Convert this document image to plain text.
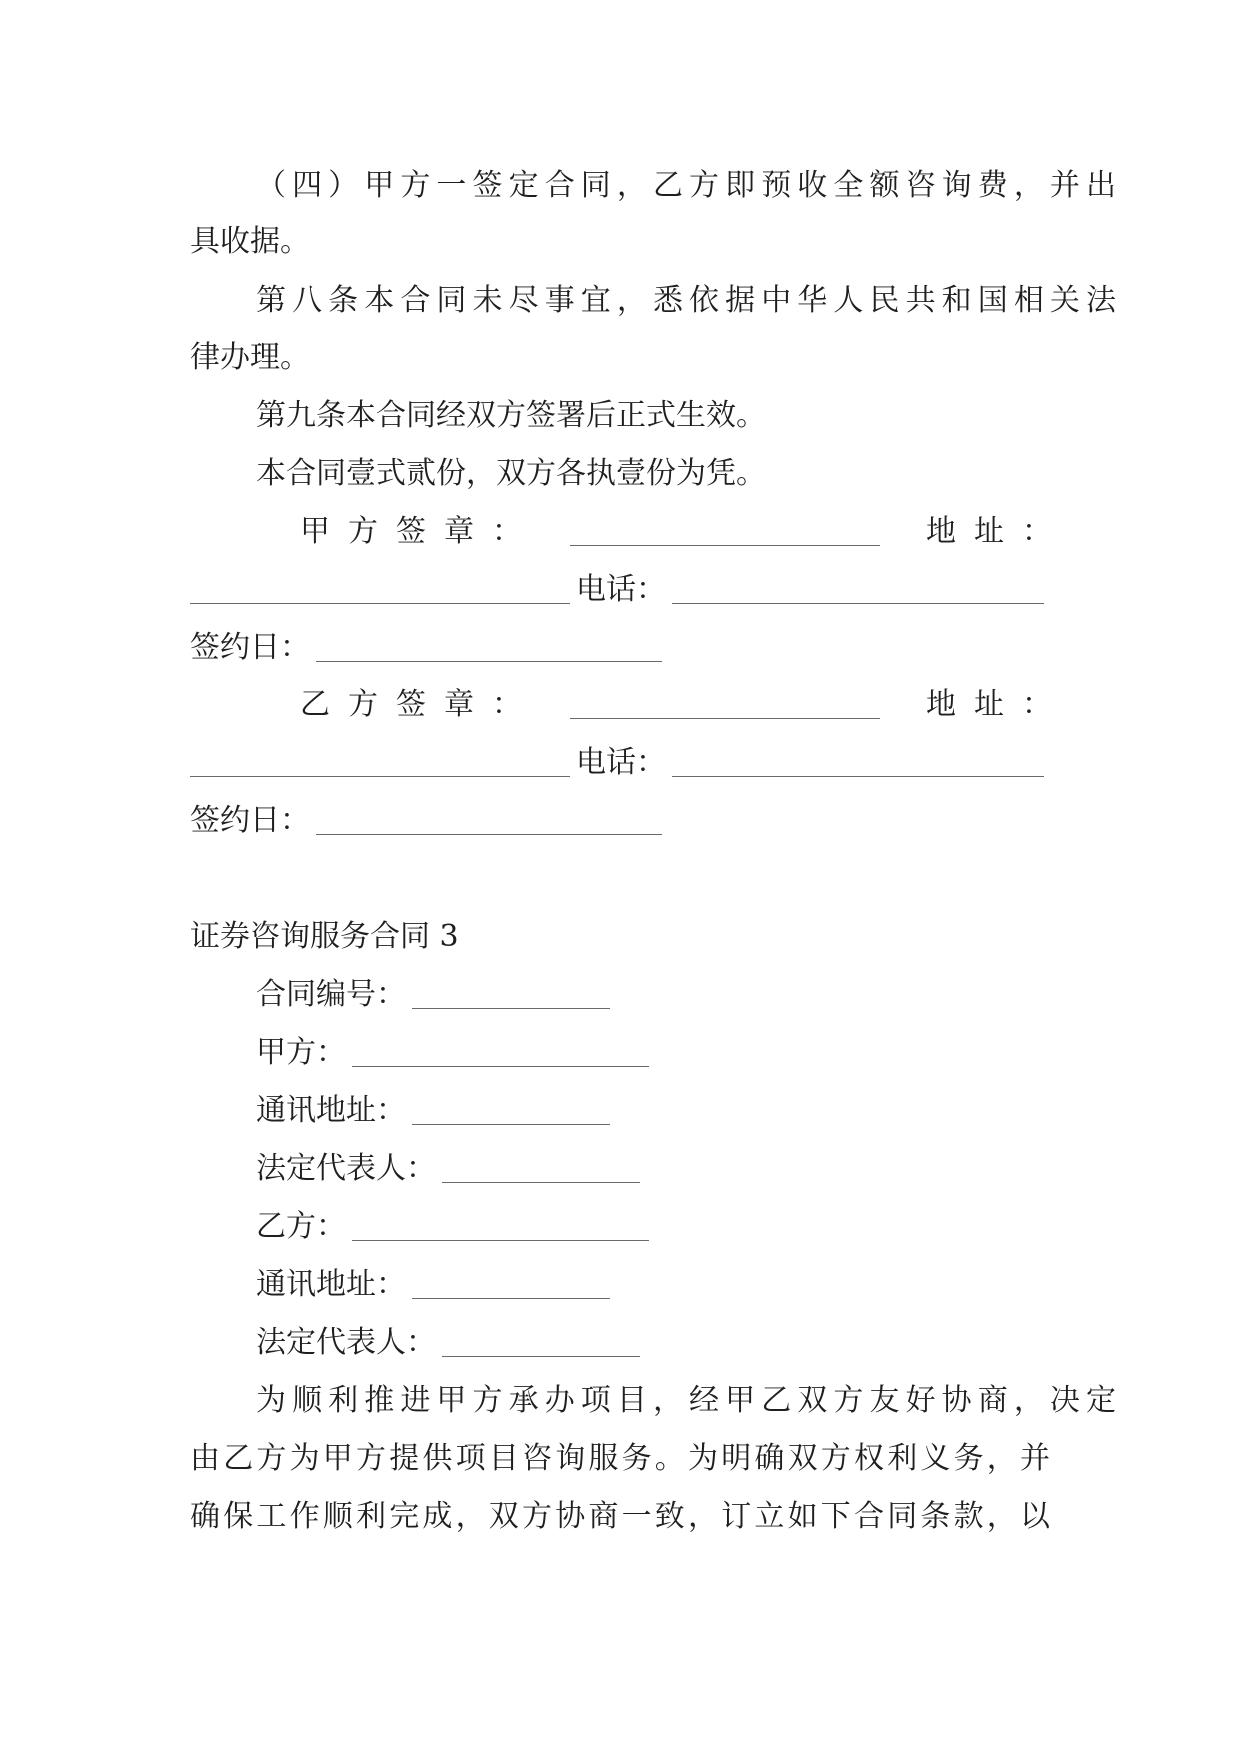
（四）甲方一签定合同，乙方即预收全额咨询费，并出
具收据。
第八条本合同未尽事宜，悉依据中华人民共和国相关法
律办理。
第九条本合同经双方签署后正式生效。
本合同壹式贰份，双方各执壹份为凭。
甲方签章：	地址：
电话：
签约日：
乙方签章：	地址：
电话：
签约日：
证券咨询服务合同 3
合同编号：
甲方：
通讯地址：
法定代表人：
乙方：
通讯地址：
法定代表人：
为顺利推进甲方承办项目，经甲乙双方友好协商，决定
由乙方为甲方提供项目咨询服务。为明确双方权利义务，并
确保工作顺利完成，双方协商一致，订立如下合同条款，以
